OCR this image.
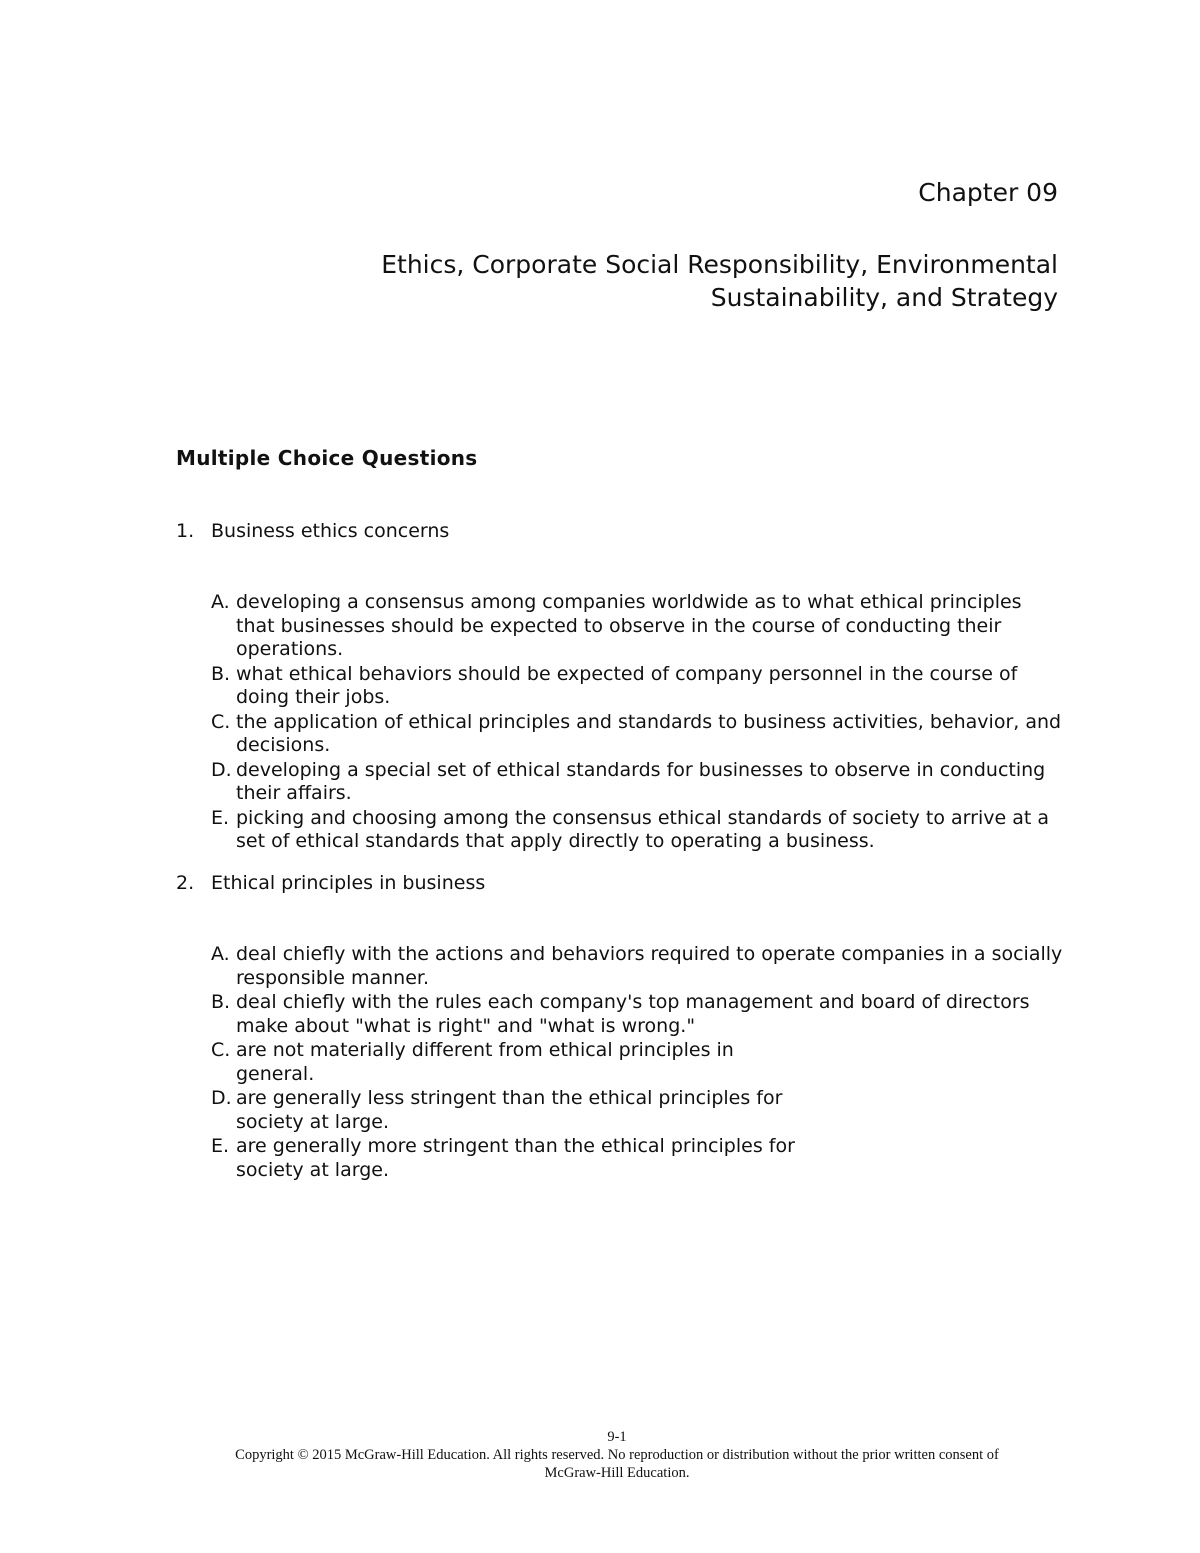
Chapter 09
Ethics, Corporate Social Responsibility, Environmental
Sustainability, and Strategy
Multiple Choice Questions
1. Business ethics concerns
A. developing a consensus among companies worldwide as to what ethical principles that businesses should be expected to observe in the course of conducting their operations.
B. what ethical behaviors should be expected of company personnel in the course of doing their jobs.
C. the application of ethical principles and standards to business activities, behavior, and decisions.
D. developing a special set of ethical standards for businesses to observe in conducting their affairs.
E. picking and choosing among the consensus ethical standards of society to arrive at a set of ethical standards that apply directly to operating a business.
2. Ethical principles in business
A. deal chiefly with the actions and behaviors required to operate companies in a socially responsible manner.
B. deal chiefly with the rules each company's top management and board of directors make about "what is right" and "what is wrong."
C. are not materially different from ethical principles in general.
D. are generally less stringent than the ethical principles for society at large.
E. are generally more stringent than the ethical principles for society at large.
9-1
Copyright © 2015 McGraw-Hill Education. All rights reserved. No reproduction or distribution without the prior written consent of
McGraw-Hill Education.
